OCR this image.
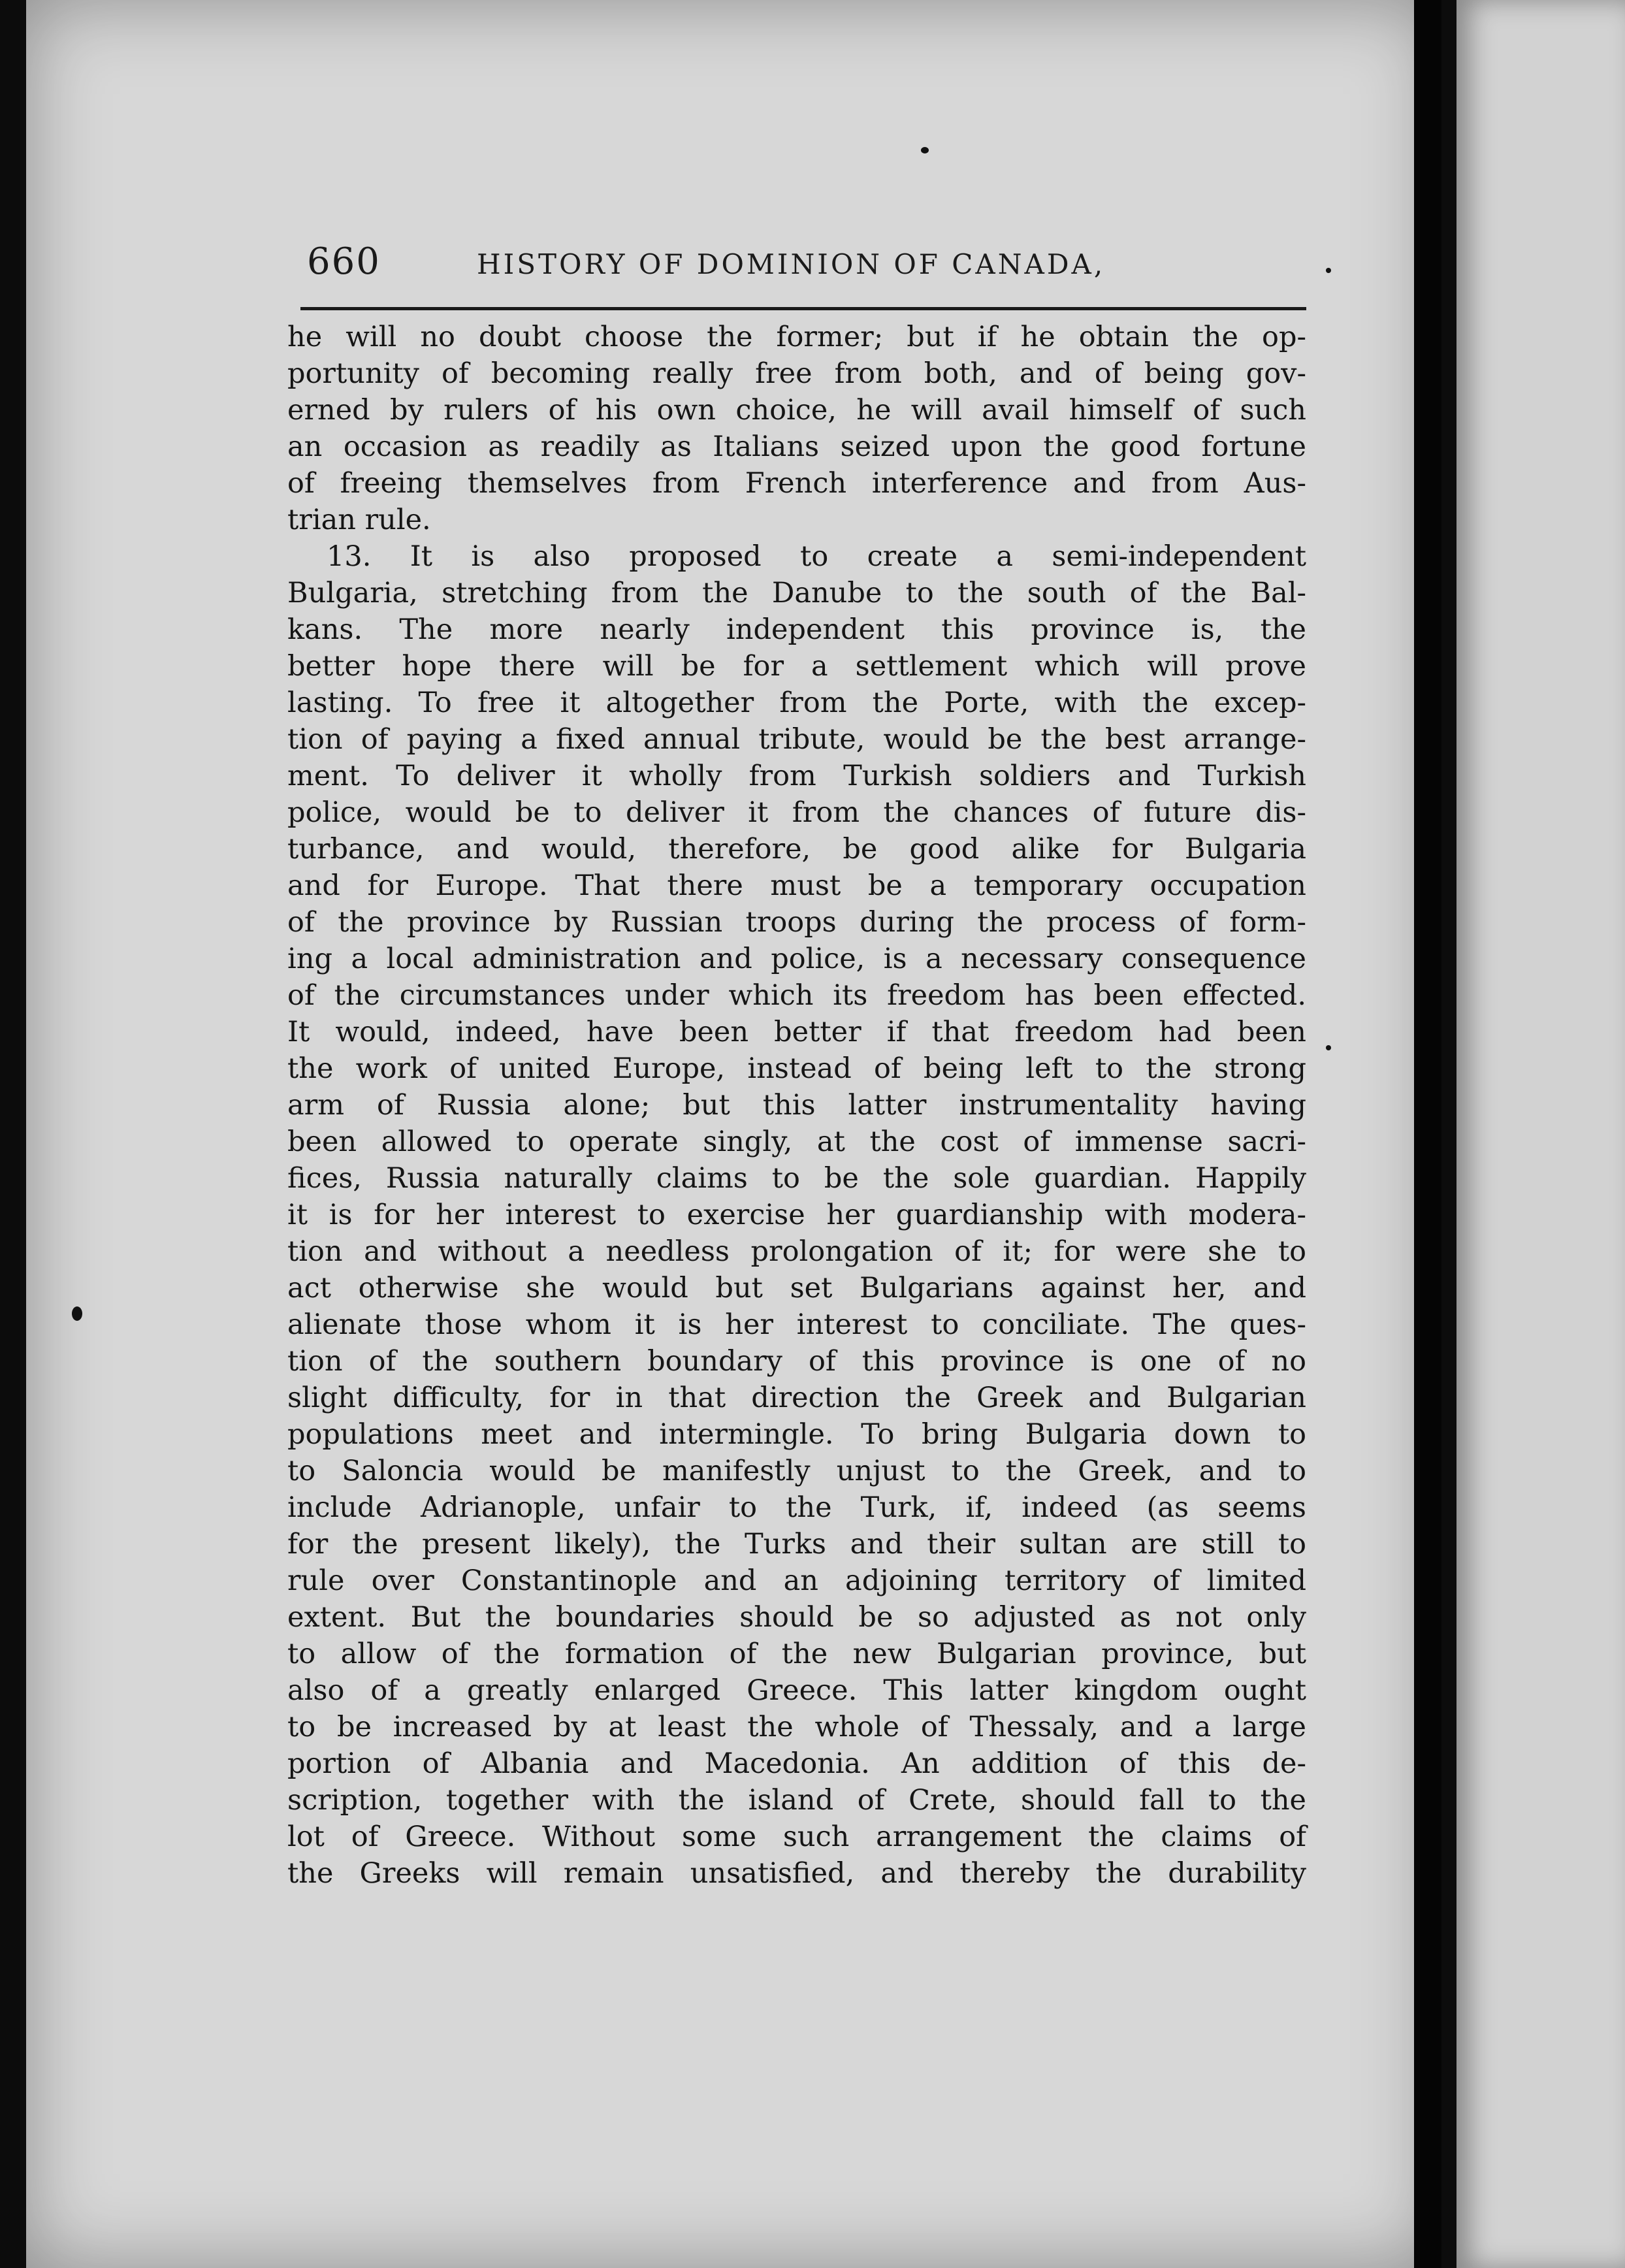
660	HISTORY OF DOMINION OF CANADA,
he will no doubt choose the former; but if he obtain the op-
portunity of becoming really free from both, and of being gov-
erned by rulers of his own choice, he will avail himself of such
an occasion as readily as Italians seized upon the good fortune
of freeing themselves from French interference and from Aus-
trian rule.
13. It is also proposed to create a semi-independent
Bulgaria, stretching from the Danube to the south of the Bal-
kans. The more nearly independent this province is, the
better hope there will be for a settlement which will prove
lasting. To free it altogether from the Porte, with the excep-
tion of paying a fixed annual tribute, would be the best arrange-
ment. To deliver it wholly from Turkish soldiers and Turkish
police, would be to deliver it from the chances of future dis-
turbance, and would, therefore, be good alike for Bulgaria
and for Europe. That there must be a temporary occupation
of the province by Russian troops during the process of form-
ing a local administration and police, is a necessary consequence
of the circumstances under which its freedom has been effected.
It would, indeed, have been better if that freedom had been
the work of united Europe, instead of being left to the strong
arm of Russia alone; but this latter instrumentality having
been allowed to operate singly, at the cost of immense sacri-
fices, Russia naturally claims to be the sole guardian. Happily
it is for her interest to exercise her guardianship with modera-
tion and without a needless prolongation of it; for were she to
act otherwise she would but set Bulgarians against her, and
alienate those whom it is her interest to conciliate. The ques-
tion of the southern boundary of this province is one of no
slight difficulty, for in that direction the Greek and Bulgarian
populations meet and intermingle. To bring Bulgaria down to
to Saloncia would be manifestly unjust to the Greek, and to
include Adrianople, unfair to the Turk, if, indeed (as seems
for the present likely), the Turks and their sultan are still to
rule over Constantinople and an adjoining territory of limited
extent. But the boundaries should be so adjusted as not only
to allow of the formation of the new Bulgarian province, but
also of a greatly enlarged Greece. This latter kingdom ought
to be increased by at least the whole of Thessaly, and a large
portion of Albania and Macedonia. An addition of this de-
scription, together with the island of Crete, should fall to the
lot of Greece. Without some such arrangement the claims of
the Greeks will remain unsatisfied, and thereby the durability
